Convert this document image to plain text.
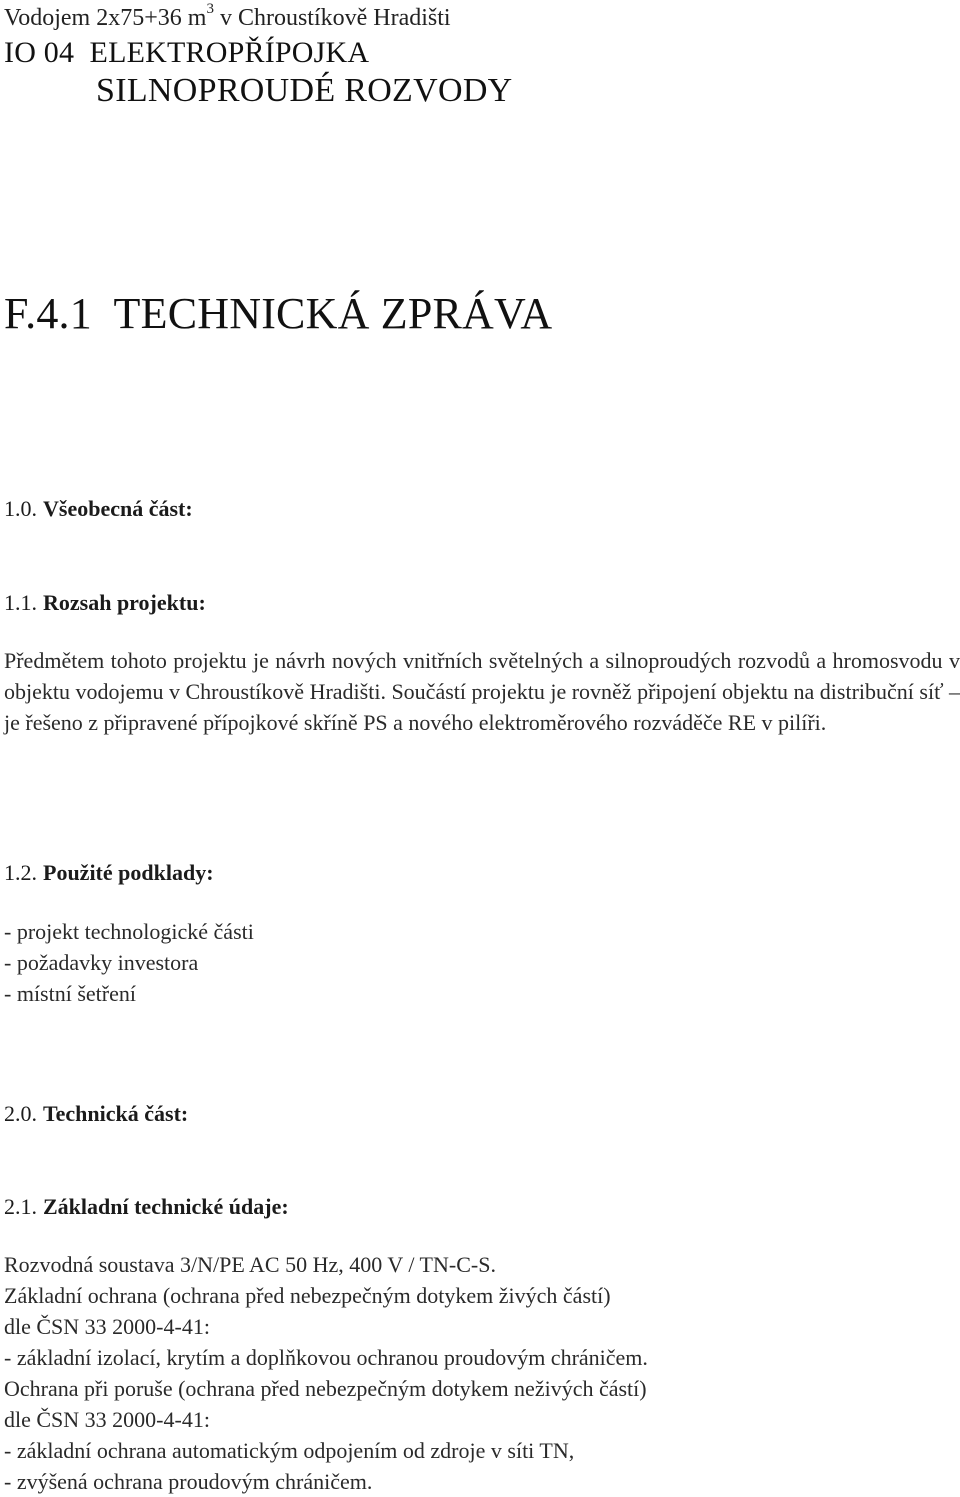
Vodojem 2x75+36 $m^3$ v Chroustíkově Hradišti
IO 04  ELEKTROPŘÍPOJKA
SILNOPROUDÉ ROZVODY
F.4.1  TECHNICKÁ ZPRÁVA
1.0. Všeobecná část:
1.1. Rozsah projektu:
Předmětem tohoto projektu je návrh nových vnitřních světelných a silnoproudých rozvodů a hromosvodu v objektu vodojemu v Chroustíkově Hradišti. Součástí projektu je rovněž připojení objektu na distribuční síť – je řešeno z připravené přípojkové skříně PS a nového elektroměrového rozváděče RE v pilíři.
1.2. Použité podklady:
- projekt technologické části
- požadavky investora
- místní šetření
2.0. Technická část:
2.1. Základní technické údaje:
Rozvodná soustava 3/N/PE AC 50 Hz, 400 V / TN-C-S.
Základní ochrana (ochrana před nebezpečným dotykem živých částí)
dle ČSN 33 2000-4-41:
- základní izolací, krytím a doplňkovou ochranou proudovým chráničem.
Ochrana při poruše (ochrana před nebezpečným dotykem neživých částí)
dle ČSN 33 2000-4-41:
- základní ochrana automatickým odpojením od zdroje v síti TN,
- zvýšená ochrana proudovým chráničem.
